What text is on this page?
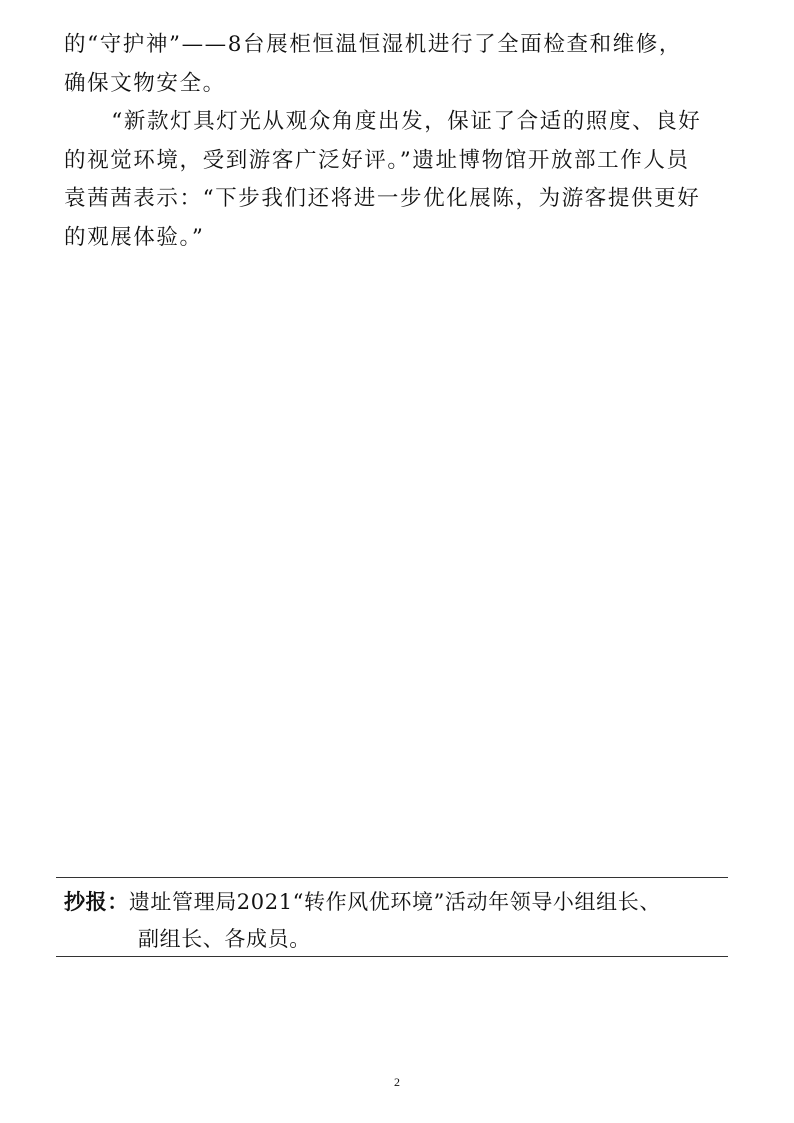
的“守护神”——8台展柜恒温恒湿机进行了全面检查和维修，
确保文物安全。

“新款灯具灯光从观众角度出发，保证了合适的照度、良好
的视觉环境，受到游客广泛好评。”遗址博物馆开放部工作人员
袁茜茜表示：“下步我们还将进一步优化展陈，为游客提供更好
的观展体验。”

抄报：遗址管理局2021“转作风优环境”活动年领导小组组长、
副组长、各成员。
2
